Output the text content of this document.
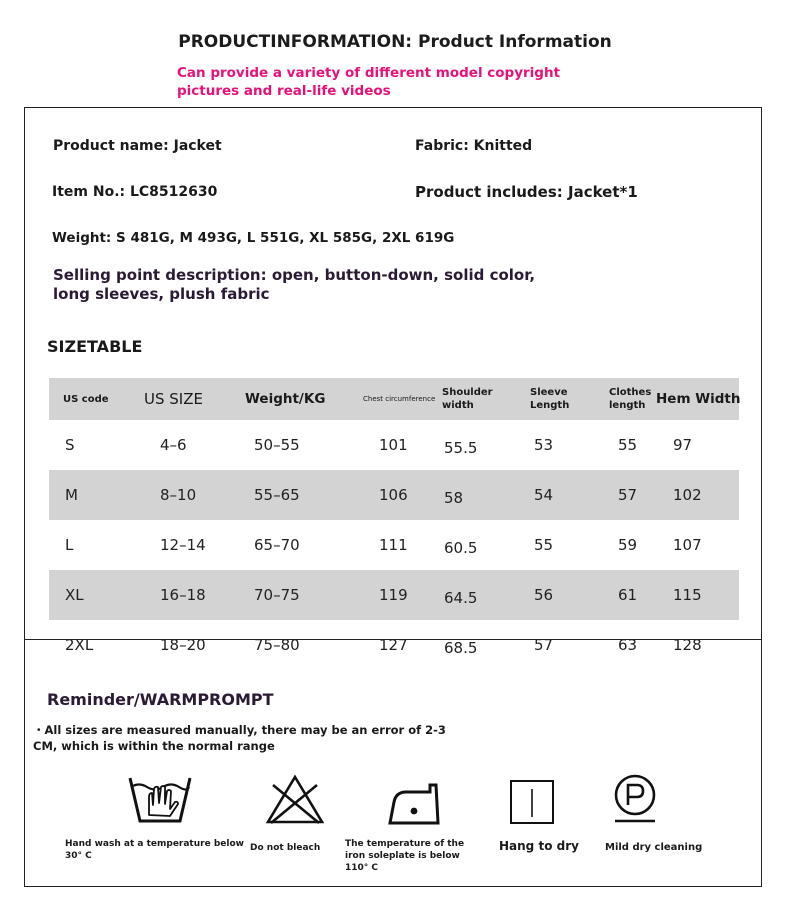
PRODUCTINFORMATION: Product Information
Can provide a variety of different model copyright pictures and real-life videos
Product name: Jacket	Fabric: Knitted
Item No.: LC8512630	Product includes: Jacket*1
Weight: S 481G, M 493G, L 551G, XL 585G, 2XL 619G
Selling point description: open, button-down, solid color, long sleeves, plush fabric
SIZETABLE
US code	US SIZE	Weight/KG	Chest circumference	Shoulder width	Sleeve Length	Clothes length	Hem Width
S	4–6	50–55	101	55.5	53	55	97
M	8–10	55–65	106	58	54	57	102
L	12–14	65–70	111	60.5	55	59	107
XL	16–18	70–75	119	64.5	56	61	115
2XL	18–20	75–80	127	68.5	57	63	128
Reminder/WARMPROMPT
・All sizes are measured manually, there may be an error of 2-3 CM, which is within the normal range
Hand wash at a temperature below 30° C
Do not bleach	The temperature of the iron soleplate is below 110° C
Hang to dry	Mild dry cleaning
